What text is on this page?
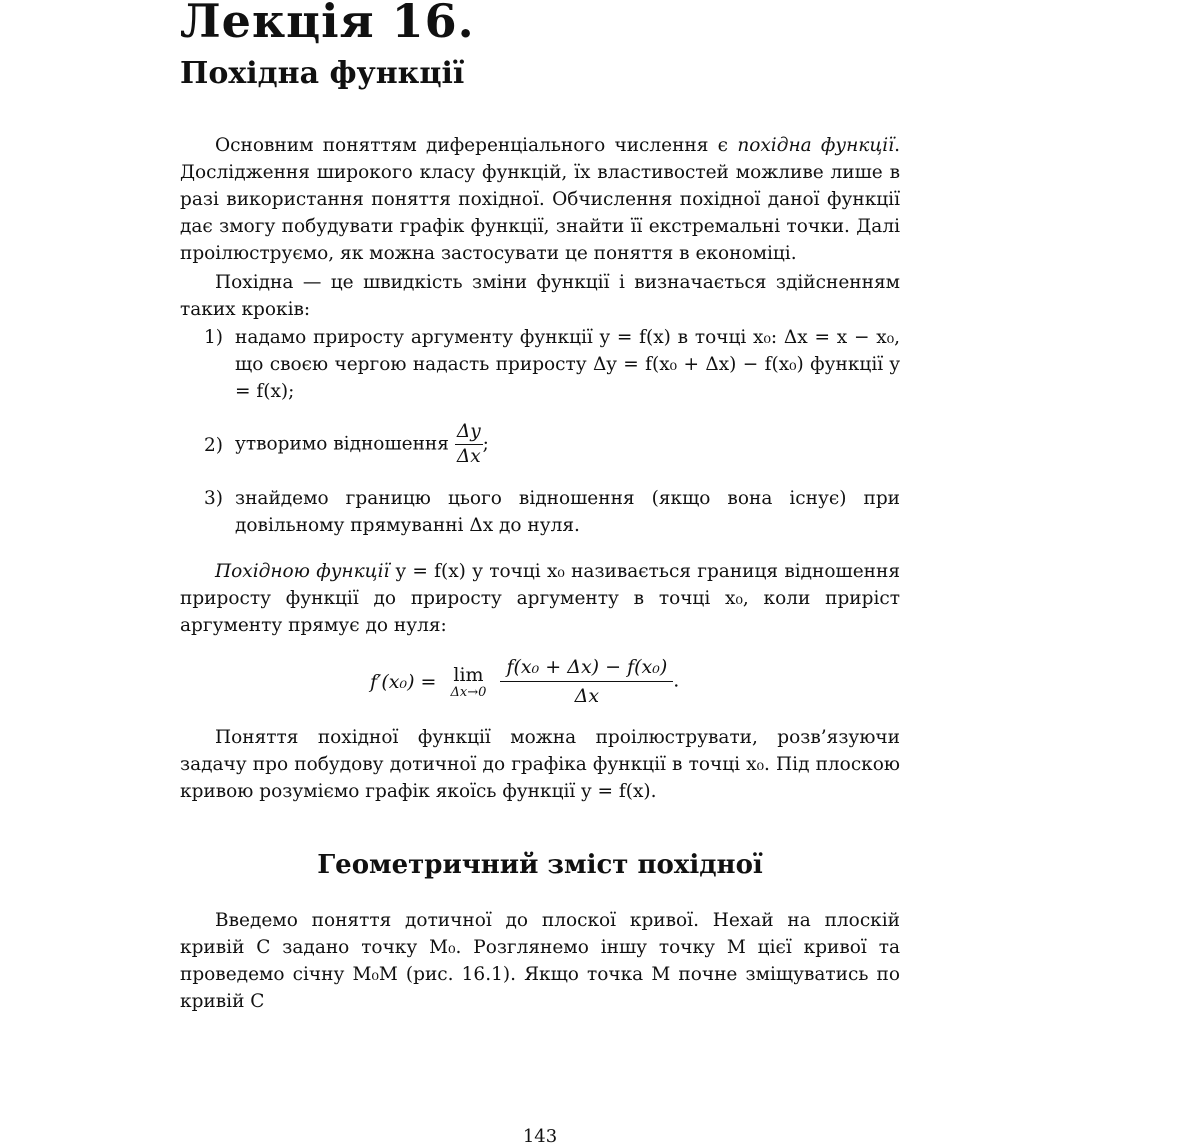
Лекція 16.
Похідна функції

Основним поняттям диференціального числення є похідна функції. Дослідження широкого класу функцій, їх властивостей можливе лише в разі використання поняття похідної. Обчислення похідної даної функції дає змогу побудувати графік функції, знайти її екстремальні точки. Далі проілюструємо, як можна застосувати це поняття в економіці.

Похідна — це швидкість зміни функції і визначається здійсненням таких кроків:

1) надамо приросту аргументу функції y = f(x) в точці x₀: Δx = x − x₀, що своєю чергою надасть приросту Δy = f(x₀ + Δx) − f(x₀) функції y = f(x);
2) утворимо відношення $\frac{\Delta y}{\Delta x}$ ;
3) знайдемо границю цього відношення (якщо вона існує) при довільному прямуванні Δx до нуля.

Похідною функції y = f(x) у точці x₀ називається границя відношення приросту функції до приросту аргументу в точці x₀, коли приріст аргументу прямує до нуля:

f′(x₀) = lim
Δx→0
$\frac{\text{f(x₀ + Δx) − f(x₀)}}{\Delta x}$ .

Поняття похідної функції можна проілюструвати, розв’язуючи задачу про побудову дотичної до графіка функції в точці x₀. Під плоскою кривою розуміємо графік якоїсь функції y = f(x).

Геометричний зміст похідної

Введемо поняття дотичної до плоскої кривої. Нехай на плоскій кривій C задано точку M₀. Розглянемо іншу точку M цієї кривої та проведемо січну M₀M (рис. 16.1). Якщо точка M почне зміщуватись по кривій C

143
